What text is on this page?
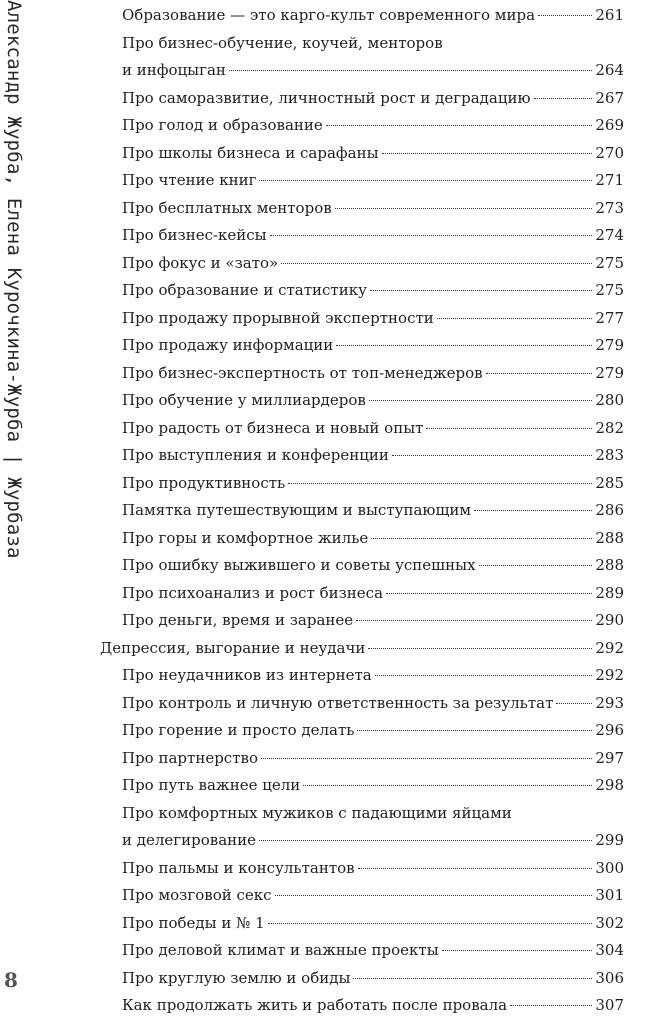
Александр Журба, Елена Курочкина-Журба | Журбаза
8
Образование — это карго-культ современного мира	261
Про бизнес-обучение, коучей, менторов
и инфоцыган	264
Про саморазвитие, личностный рост и деградацию	267
Про голод и образование	269
Про школы бизнеса и сарафаны	270
Про чтение книг	271
Про бесплатных менторов	273
Про бизнес-кейсы	274
Про фокус и «зато»	275
Про образование и статистику	275
Про продажу прорывной экспертности	277
Про продажу информации	279
Про бизнес-экспертность от топ-менеджеров	279
Про обучение у миллиардеров	280
Про радость от бизнеса и новый опыт	282
Про выступления и конференции	283
Про продуктивность	285
Памятка путешествующим и выступающим	286
Про горы и комфортное жилье	288
Про ошибку выжившего и советы успешных	288
Про психоанализ и рост бизнеса	289
Про деньги, время и заранее	290
Депрессия, выгорание и неудачи	292
Про неудачников из интернета	292
Про контроль и личную ответственность за результат	293
Про горение и просто делать	296
Про партнерство	297
Про путь важнее цели	298
Про комфортных мужиков с падающими яйцами
и делегирование	299
Про пальмы и консультантов	300
Про мозговой секс	301
Про победы и № 1	302
Про деловой климат и важные проекты	304
Про круглую землю и обиды	306
Как продолжать жить и работать после провала	307
